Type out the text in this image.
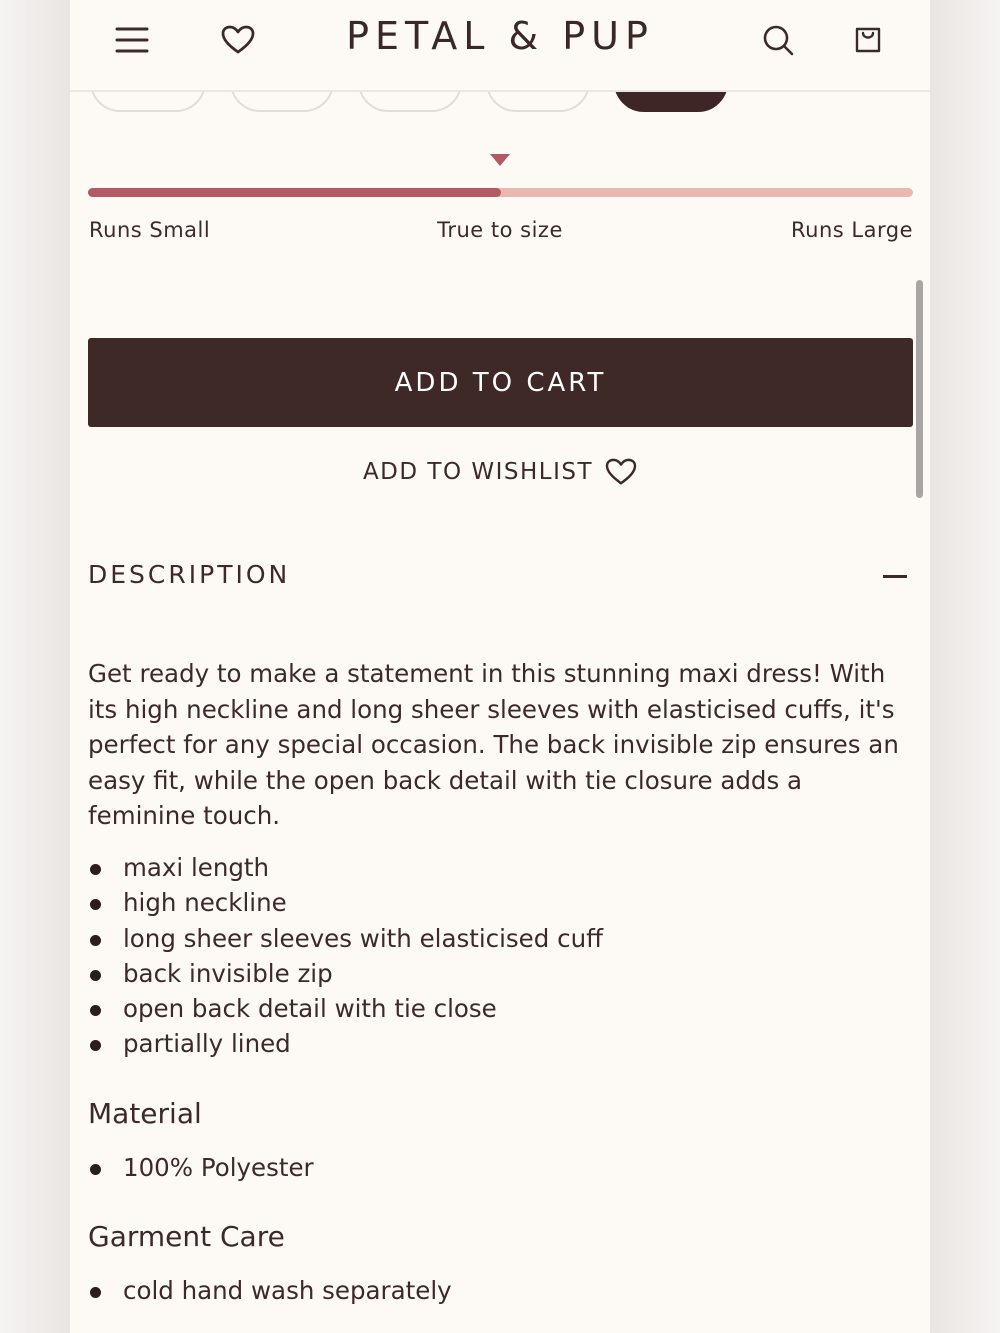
PETAL & PUP
Runs Small	True to size	Runs Large
ADD TO CART
ADD TO WISHLIST
DESCRIPTION
Get ready to make a statement in this stunning maxi dress! With its high neckline and long sheer sleeves with elasticised cuffs, it's perfect for any special occasion. The back invisible zip ensures an easy fit, while the open back detail with tie closure adds a feminine touch.
maxi length
high neckline
long sheer sleeves with elasticised cuff
back invisible zip
open back detail with tie close
partially lined
Material
100% Polyester
Garment Care
cold hand wash separately
